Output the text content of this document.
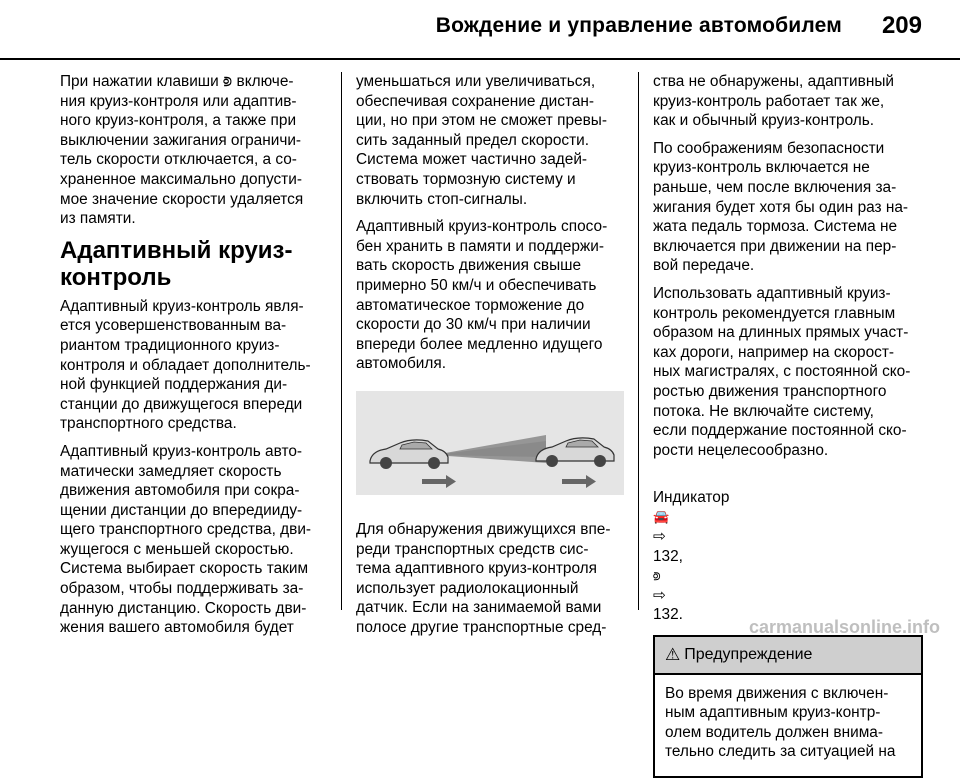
Вождение и управление автомобилем 209

При нажатии клавиши ⟄ включе-
ния круиз-контроля или адаптив-
ного круиз-контроля, а также при
выключении зажигания ограничи-
тель скорости отключается, а со-
храненное максимально допусти-
мое значение скорости удаляется
из памяти.

Адаптивный круиз-
контроль

Адаптивный круиз-контроль явля-
ется усовершенствованным ва-
риантом традиционного круиз-
контроля и обладает дополнитель-
ной функцией поддержания ди-
станции до движущегося впереди
транспортного средства.

Адаптивный круиз-контроль авто-
матически замедляет скорость
движения автомобиля при сокра-
щении дистанции до впередииду-
щего транспортного средства, дви-
жущегося с меньшей скоростью.
Система выбирает скорость таким
образом, чтобы поддерживать за-
данную дистанцию. Скорость дви-
жения вашего автомобиля будет

уменьшаться или увеличиваться,
обеспечивая сохранение дистан-
ции, но при этом не сможет превы-
сить заданный предел скорости.
Система может частично задей-
ствовать тормозную систему и
включить стоп-сигналы.

Адаптивный круиз-контроль спосо-
бен хранить в памяти и поддержи-
вать скорость движения свыше
примерно 50 км/ч и обеспечивать
автоматическое торможение до
скорости до 30 км/ч при наличии
впереди более медленно идущего
автомобиля.

Для обнаружения движущихся впе-
реди транспортных средств сис-
тема адаптивного круиз-контроля
использует радиолокационный
датчик. Если на занимаемой вами
полосе другие транспортные сред-

ства не обнаружены, адаптивный
круиз-контроль работает так же,
как и обычный круиз-контроль.

По соображениям безопасности
круиз-контроль включается не
раньше, чем после включения за-
жигания будет хотя бы один раз на-
жата педаль тормоза. Система не
включается при движении на пер-
вой передаче.

Использовать адаптивный круиз-
контроль рекомендуется главным
образом на длинных прямых участ-
ках дороги, например на скорост-
ных магистралях, с постоянной ско-
ростью движения транспортного
потока. Не включайте систему,
если поддержание постоянной ско-
рости нецелесообразно.

Индикатор
🚘
⇨
132,
⟄
⇨
132.

⚠ Предупреждение
Во время движения с включен-
ным адаптивным круиз-контр-
олем водитель должен внима-
тельно следить за ситуацией на
carmanualsonline.info
